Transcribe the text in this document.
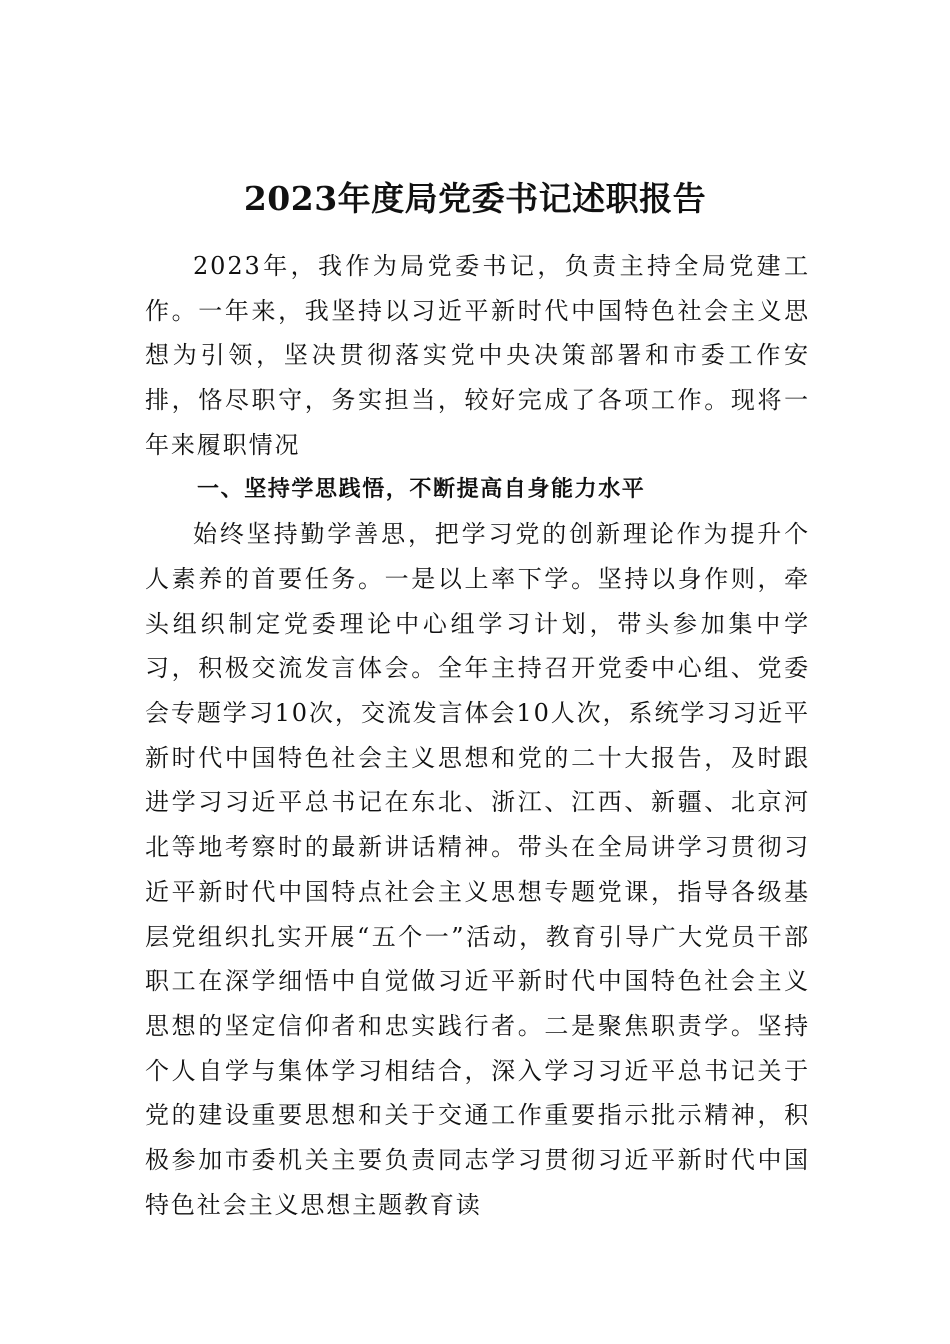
2023年度局党委书记述职报告

2023年，我作为局党委书记，负责主持全局党建工作。一年来，我坚持以习近平新时代中国特色社会主义思想为引领，坚决贯彻落实党中央决策部署和市委工作安排，恪尽职守，务实担当，较好完成了各项工作。现将一年来履职情况

一、坚持学思践悟，不断提高自身能力水平

始终坚持勤学善思，把学习党的创新理论作为提升个人素养的首要任务。一是以上率下学。坚持以身作则，牵头组织制定党委理论中心组学习计划，带头参加集中学习，积极交流发言体会。全年主持召开党委中心组、党委会专题学习10次，交流发言体会10人次，系统学习习近平新时代中国特色社会主义思想和党的二十大报告，及时跟进学习习近平总书记在东北、浙江、江西、新疆、北京河北等地考察时的最新讲话精神。带头在全局讲学习贯彻习近平新时代中国特点社会主义思想专题党课，指导各级基层党组织扎实开展“五个一”活动，教育引导广大党员干部职工在深学细悟中自觉做习近平新时代中国特色社会主义思想的坚定信仰者和忠实践行者。二是聚焦职责学。坚持个人自学与集体学习相结合，深入学习习近平总书记关于党的建设重要思想和关于交通工作重要指示批示精神，积极参加市委机关主要负责同志学习贯彻习近平新时代中国特色社会主义思想主题教育读
